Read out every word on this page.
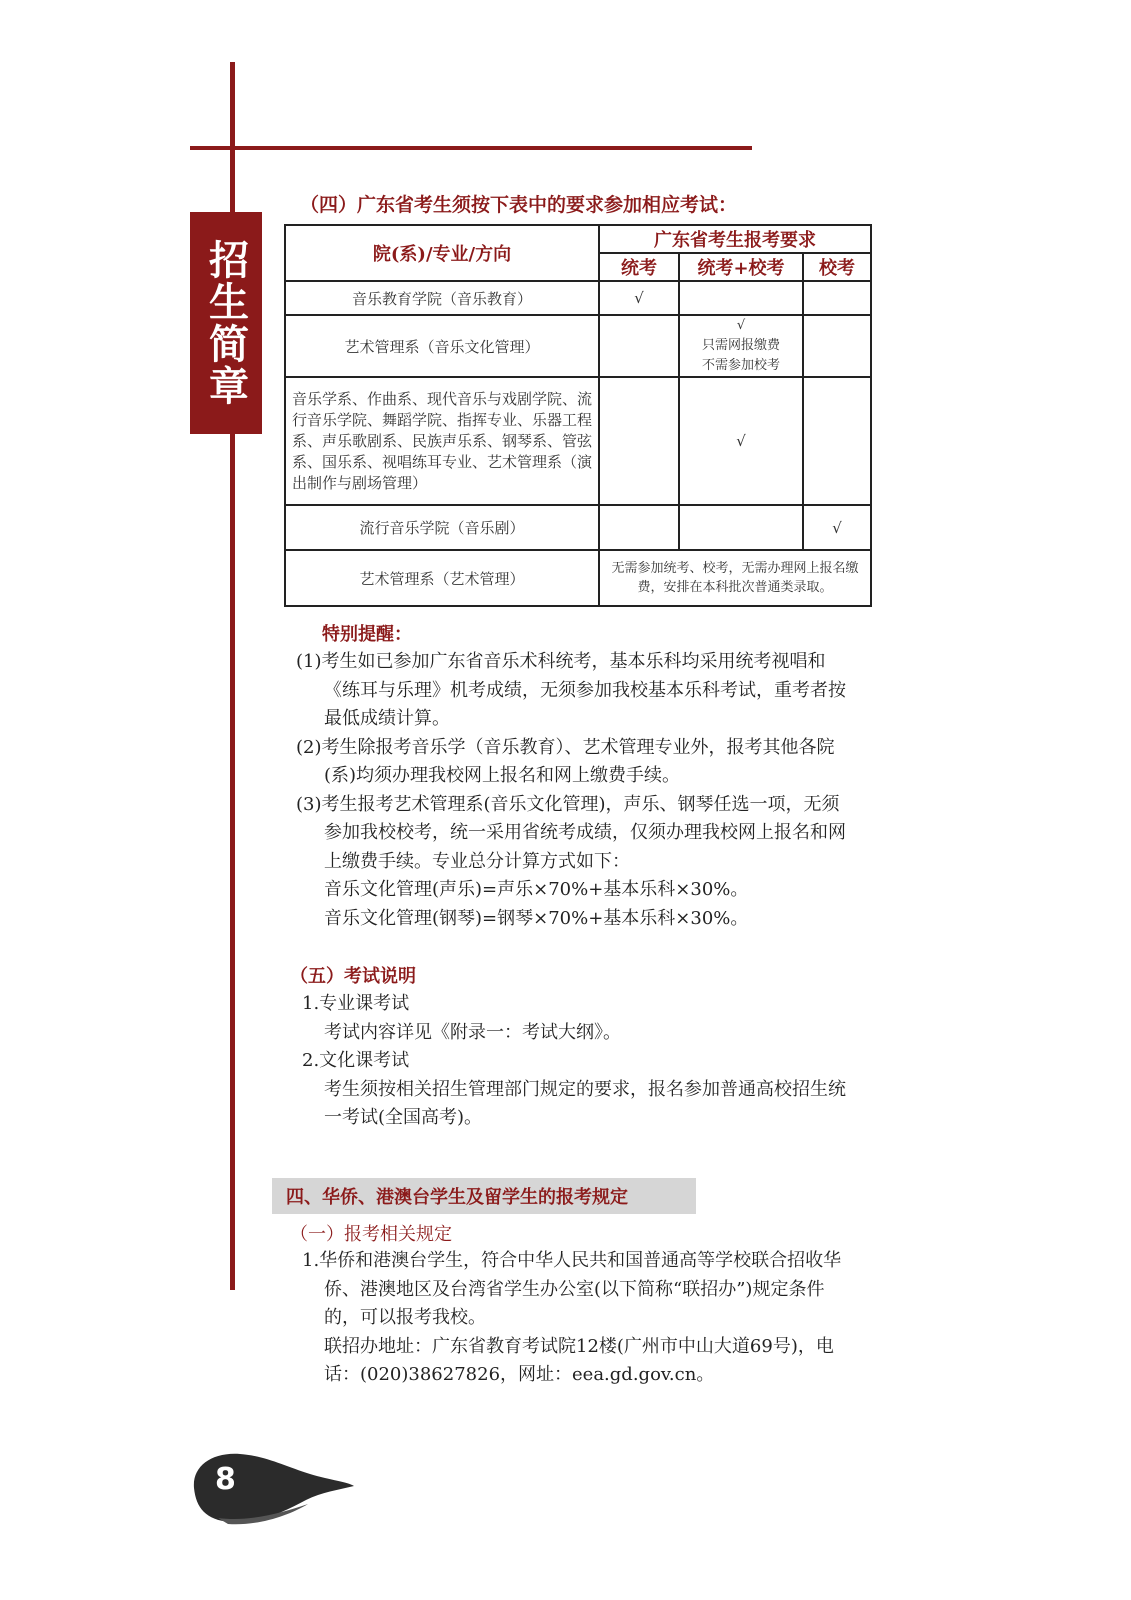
招生简章
（四）广东省考生须按下表中的要求参加相应考试：
院(系)/专业/方向	广东省考生报考要求		
	统考	统考+校考	校考
音乐教育学院（音乐教育）	√		
艺术管理系（音乐文化管理）		√
只需网报缴费
不需参加校考	

音乐学系、作曲系、现代音乐与戏剧学院、流行音乐学院、舞蹈学院、指挥专业、乐器工程系、声乐歌剧系、民族声乐系、钢琴系、管弦系、国乐系、视唱练耳专业、艺术管理系（演出制作与剧场管理）		√	
流行音乐学院（音乐剧）			√
艺术管理系（艺术管理）	无需参加统考、校考，无需办理网上报名缴费，安排在本科批次普通类录取。		
特别提醒：
(1)考生如已参加广东省音乐术科统考，基本乐科均采用统考视唱和《练耳与乐理》机考成绩，无须参加我校基本乐科考试，重考者按最低成绩计算。
(2)考生除报考音乐学（音乐教育）、艺术管理专业外，报考其他各院(系)均须办理我校网上报名和网上缴费手续。
(3)考生报考艺术管理系(音乐文化管理)，声乐、钢琴任选一项，无须参加我校校考，统一采用省统考成绩，仅须办理我校网上报名和网上缴费手续。专业总分计算方式如下：
音乐文化管理(声乐)=声乐×70%+基本乐科×30%。
音乐文化管理(钢琴)=钢琴×70%+基本乐科×30%。
（五）考试说明
1.专业课考试
考试内容详见《附录一：考试大纲》。
2.文化课考试
考生须按相关招生管理部门规定的要求，报名参加普通高校招生统一考试(全国高考)。
四、华侨、港澳台学生及留学生的报考规定
（一）报考相关规定
1.华侨和港澳台学生，符合中华人民共和国普通高等学校联合招收华侨、港澳地区及台湾省学生办公室(以下简称“联招办”)规定条件的，可以报考我校。
联招办地址：广东省教育考试院12楼(广州市中山大道69号)，电话：(020)38627826，网址：eea.gd.gov.cn。
8
